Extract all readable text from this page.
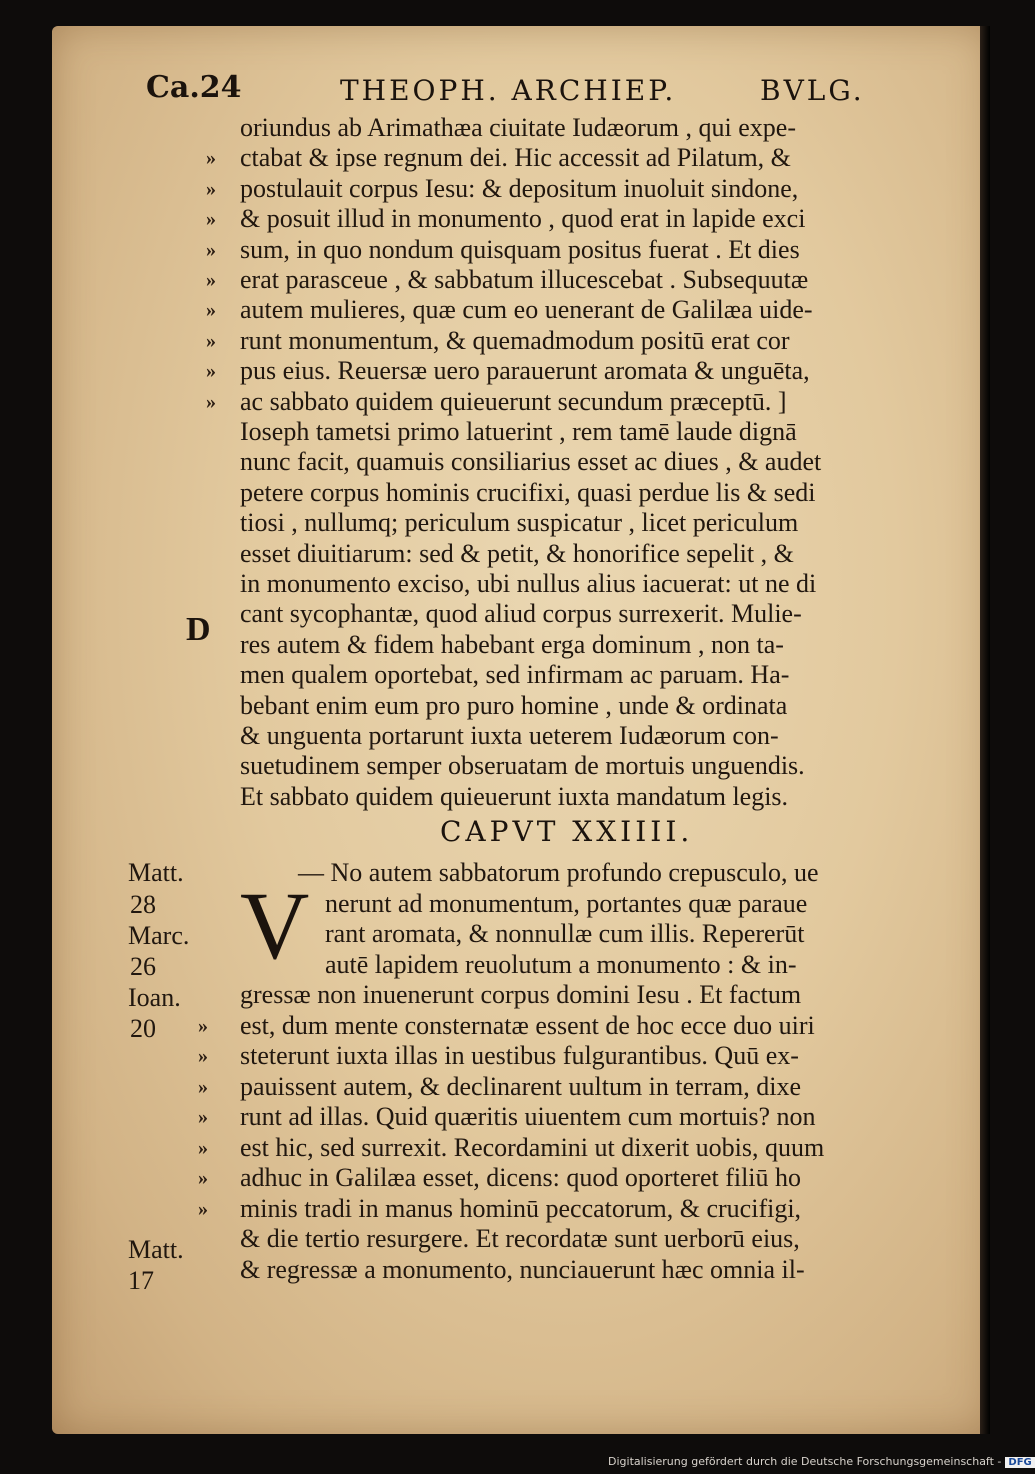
Ca.24	THEOPH. ARCHIEP.	BVLG.
oriundus ab Arimathæa ciuitate Iudæorum , qui expe-
ctabat & ipse regnum dei. Hic accessit ad Pilatum, &
postulauit corpus Iesu: & depositum inuoluit sindone,
& posuit illud in monumento , quod erat in lapide exci
sum, in quo nondum quisquam positus fuerat . Et dies
erat parasceue , & sabbatum illucescebat . Subsequutæ
autem mulieres, quæ cum eo uenerant de Galilæa uide-
runt monumentum, & quemadmodum positū erat cor
pus eius. Reuersæ uero parauerunt aromata & unguēta,
ac sabbato quidem quieuerunt secundum præceptū. ]
Ioseph tametsi primo latuerint , rem tamē laude dignā
nunc facit, quamuis consiliarius esset ac diues , & audet
petere corpus hominis crucifixi, quasi perdue lis & sedi
tiosi , nullumq; periculum suspicatur , licet periculum
esset diuitiarum: sed & petit, & honorifice sepelit , &
in monumento exciso, ubi nullus alius iacuerat: ut ne di
cant sycophantæ, quod aliud corpus surrexerit. Mulie-
res autem & fidem habebant erga dominum , non ta-
men qualem oportebat, sed infirmam ac paruam. Ha-
bebant enim eum pro puro homine , unde & ordinata
& unguenta portarunt iuxta ueterem Iudæorum con-
suetudinem semper obseruatam de mortuis unguendis.
Et sabbato quidem quieuerunt iuxta mandatum legis.
»
»
»
»
»
»
»
»
»
D
CAPVT XXIIII.
V
— No autem sabbatorum profundo crepusculo, ue
nerunt ad monumentum, portantes quæ paraue
rant aromata, & nonnullæ cum illis. Repererūt
autē lapidem reuolutum a monumento : & in-
gressæ non inuenerunt corpus domini Iesu . Et factum
est, dum mente consternatæ essent de hoc ecce duo uiri
steterunt iuxta illas in uestibus fulgurantibus. Quū ex-
pauissent autem, & declinarent uultum in terram, dixe
runt ad illas. Quid quæritis uiuentem cum mortuis? non
est hic, sed surrexit. Recordamini ut dixerit uobis, quum
adhuc in Galilæa esset, dicens: quod oporteret filiū ho
minis tradi in manus hominū peccatorum, & crucifigi,
& die tertio resurgere. Et recordatæ sunt uerborū eius,
& regressæ a monumento, nunciauerunt hæc omnia il-
Matt.
28
Marc.
26
Ioan.
20
Matt.
17
»
»
»
»
»
»
»
Digitalisierung gefördert durch die Deutsche Forschungsgemeinschaft - DFG
